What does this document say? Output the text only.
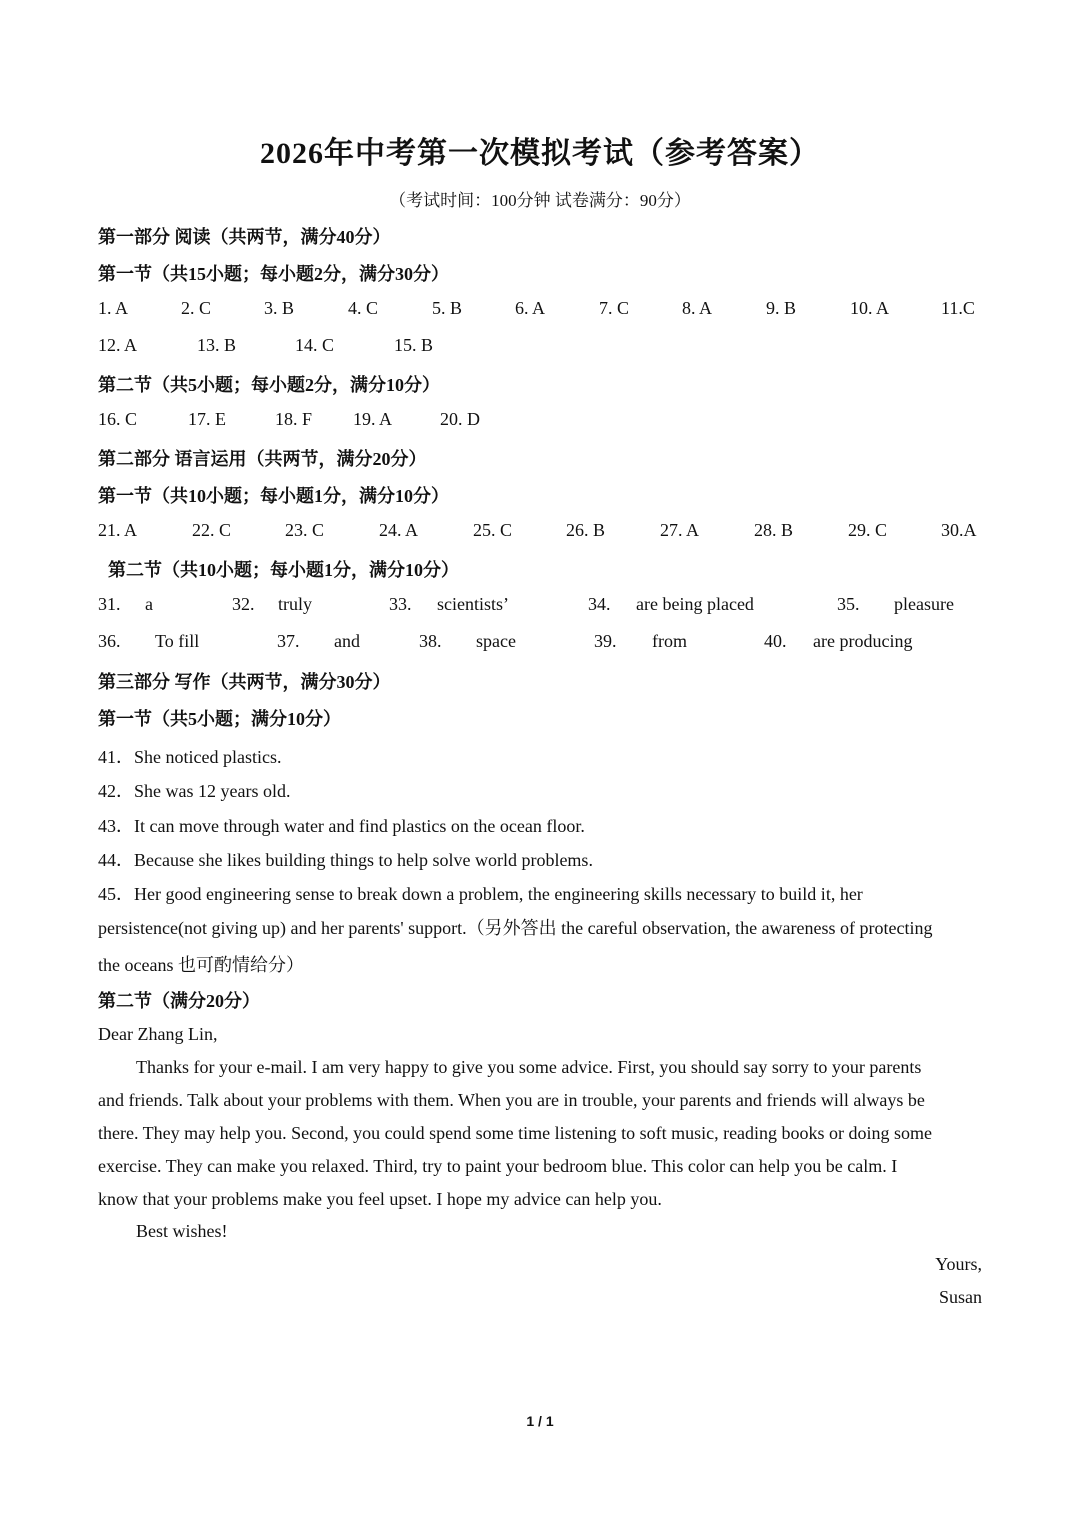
2026年中考第一次模拟考试（参考答案）
（考试时间：100分钟 试卷满分：90分）
第一部分 阅读（共两节，满分40分）
第一节（共15小题；每小题2分，满分30分）
1. A	2. C	3. B	4. C	5. B	6. A	7. C	8. A	9. B	10. A	11.C
12. A	13. B	14. C	15. B
第二节（共5小题；每小题2分，满分10分）
16. C	17. E	18. F 19. A	20. D
第二部分 语言运用（共两节，满分20分）
第一节（共10小题；每小题1分，满分10分）
21. A	22. C	23. C	24. A	25. C	26. B	27. A	28. B	29. C	30.A
第二节（共10小题；每小题1分，满分10分）
31. a	32. truly	33. scientists’	34. are being placed	35. pleasure
36. To fill	37. and	38. space	39. from	40. are producing
第三部分 写作（共两节，满分30分）
第一节（共5小题；满分10分）
41．She noticed plastics.
42．She was 12 years old.
43．It can move through water and find plastics on the ocean floor.
44．Because she likes building things to help solve world problems.
45．Her good engineering sense to break down a problem, the engineering skills necessary to build it, her
persistence(not giving up) and her parents' support.（另外答出 the careful observation, the awareness of protecting
the oceans 也可酌情给分）
第二节（满分20分）
Dear Zhang Lin,
Thanks for your e-mail. I am very happy to give you some advice. First, you should say sorry to your parents
and friends. Talk about your problems with them. When you are in trouble, your parents and friends will always be
there. They may help you. Second, you could spend some time listening to soft music, reading books or doing some
exercise. They can make you relaxed. Third, try to paint your bedroom blue. This color can help you be calm. I
know that your problems make you feel upset. I hope my advice can help you.
Best wishes!
Yours,
Susan
1 / 1
